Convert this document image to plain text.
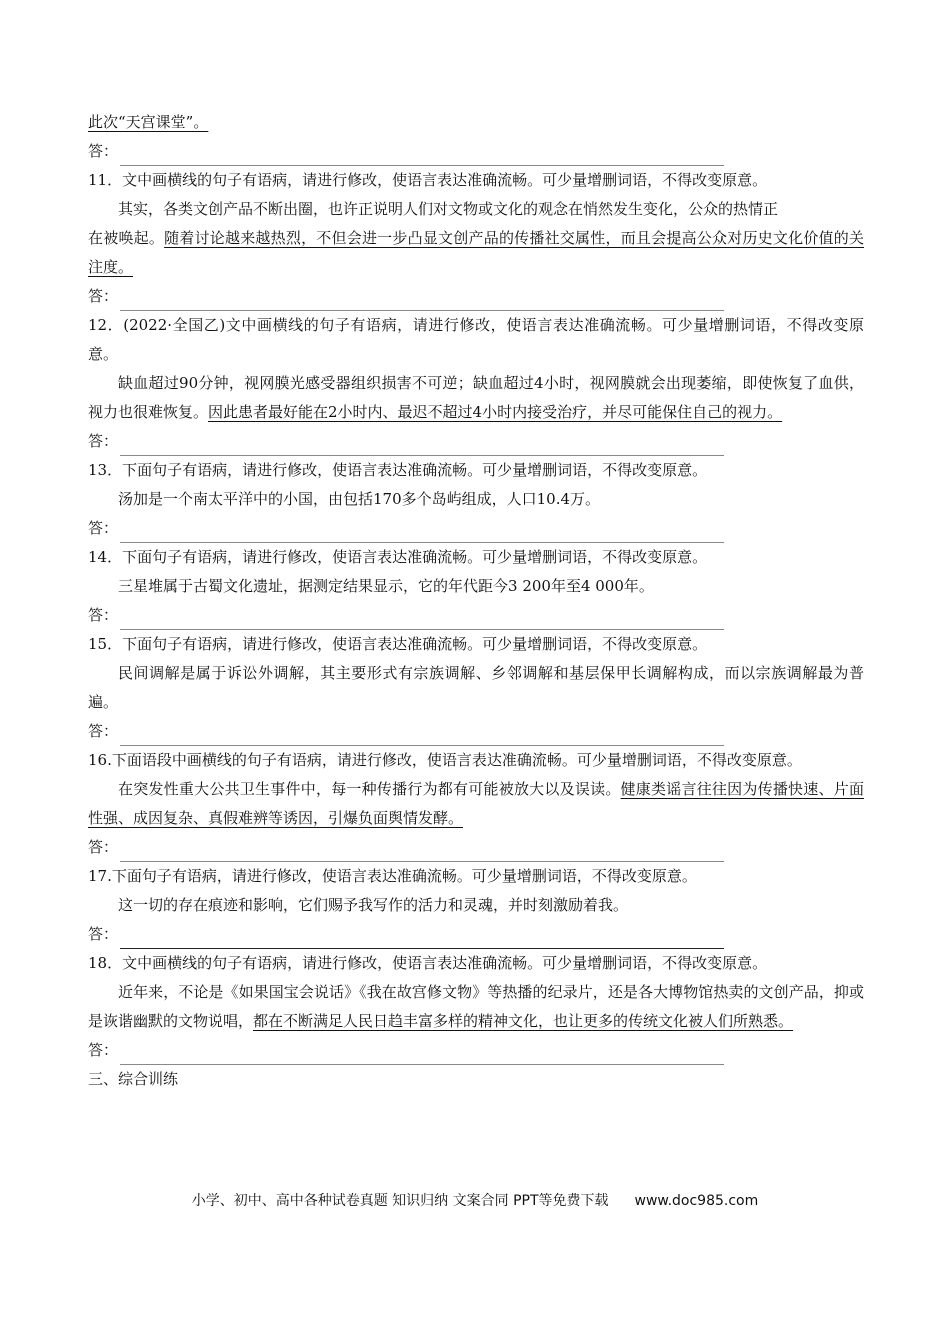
此次“天宫课堂”。
答：
11．文中画横线的句子有语病，请进行修改，使语言表达准确流畅。可少量增删词语，不得改变原意。
其实，各类文创产品不断出圈，也许正说明人们对文物或文化的观念在悄然发生变化，公众的热情正
在被唤起。随着讨论越来越热烈，不但会进一步凸显文创产品的传播社交属性，而且会提高公众对历史文化价值的关注度。
答：
12．(2022·全国乙)文中画横线的句子有语病，请进行修改，使语言表达准确流畅。可少量增删词语，不得改变原意。
缺血超过90分钟，视网膜光感受器组织损害不可逆；缺血超过4小时，视网膜就会出现萎缩，即使恢复了血供，视力也很难恢复。因此患者最好能在2小时内、最迟不超过4小时内接受治疗，并尽可能保住自己的视力。
答：
13．下面句子有语病，请进行修改，使语言表达准确流畅。可少量增删词语，不得改变原意。
汤加是一个南太平洋中的小国，由包括170多个岛屿组成，人口10.4万。
答：
14．下面句子有语病，请进行修改，使语言表达准确流畅。可少量增删词语，不得改变原意。
三星堆属于古蜀文化遗址，据测定结果显示，它的年代距今3 200年至4 000年。
答：
15．下面句子有语病，请进行修改，使语言表达准确流畅。可少量增删词语，不得改变原意。
民间调解是属于诉讼外调解，其主要形式有宗族调解、乡邻调解和基层保甲长调解构成，而以宗族调解最为普遍。
答：
16.下面语段中画横线的句子有语病，请进行修改，使语言表达准确流畅。可少量增删词语，不得改变原意。
在突发性重大公共卫生事件中，每一种传播行为都有可能被放大以及误读。健康类谣言往往因为传播快速、片面性强、成因复杂、真假难辨等诱因，引爆负面舆情发酵。
答：
17.下面句子有语病，请进行修改，使语言表达准确流畅。可少量增删词语，不得改变原意。
这一切的存在痕迹和影响，它们赐予我写作的活力和灵魂，并时刻激励着我。
答：
18．文中画横线的句子有语病，请进行修改，使语言表达准确流畅。可少量增删词语，不得改变原意。
近年来，不论是《如果国宝会说话》《我在故宫修文物》等热播的纪录片，还是各大博物馆热卖的文创产品，抑或是诙谐幽默的文物说唱，都在不断满足人民日趋丰富多样的精神文化，也让更多的传统文化被人们所熟悉。
答：
三、综合训练
小学、初中、高中各种试卷真题 知识归纳 文案合同 PPT等免费下载 www.doc985.com
